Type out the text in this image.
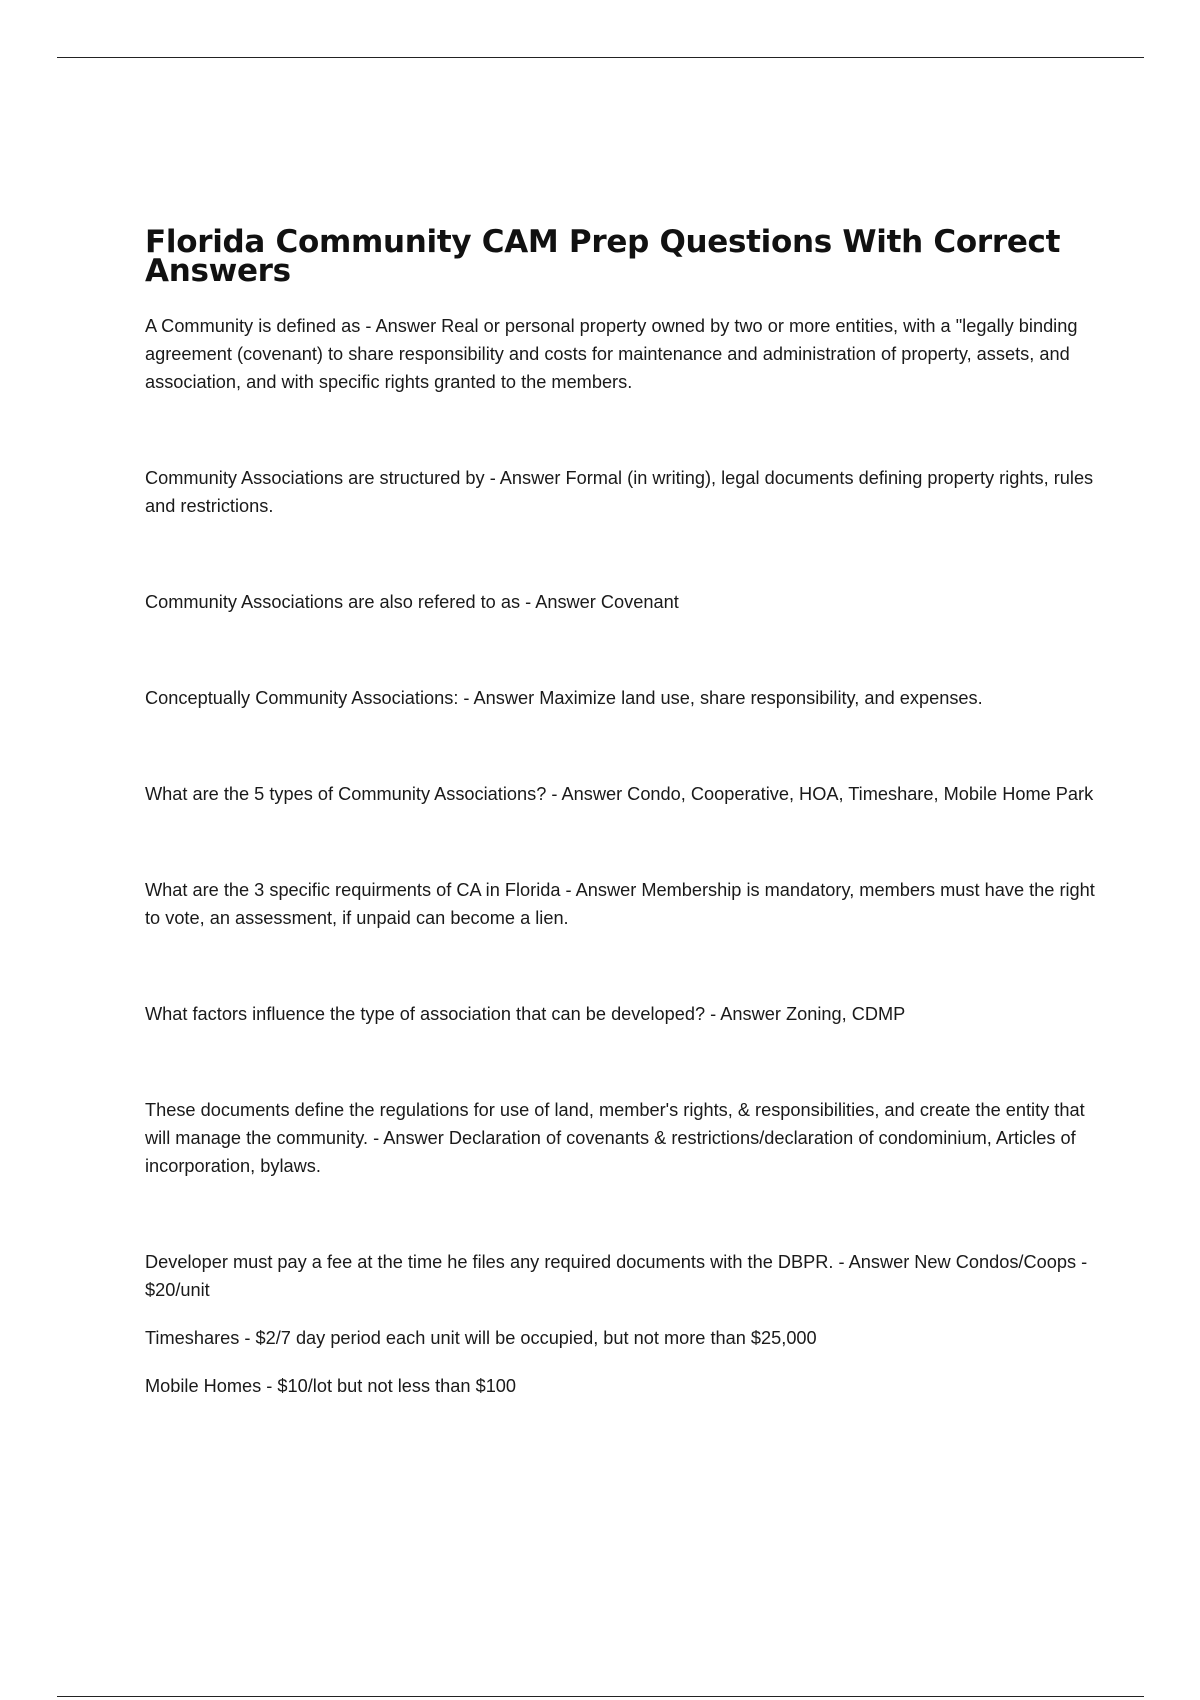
Florida Community CAM Prep Questions With Correct Answers

A Community is defined as - Answer Real or personal property owned by two or more entities, with a "legally binding agreement (covenant) to share responsibility and costs for maintenance and administration of property, assets, and association, and with specific rights granted to the members.

Community Associations are structured by - Answer Formal (in writing), legal documents defining property rights, rules and restrictions.

Community Associations are also refered to as - Answer Covenant

Conceptually Community Associations: - Answer Maximize land use, share responsibility, and expenses.

What are the 5 types of Community Associations? - Answer Condo, Cooperative, HOA, Timeshare, Mobile Home Park

What are the 3 specific requirments of CA in Florida - Answer Membership is mandatory, members must have the right to vote, an assessment, if unpaid can become a lien.

What factors influence the type of association that can be developed? - Answer Zoning, CDMP

These documents define the regulations for use of land, member's rights, & responsibilities, and create the entity that will manage the community. - Answer Declaration of covenants & restrictions/declaration of condominium, Articles of incorporation, bylaws.

Developer must pay a fee at the time he files any required documents with the DBPR. - Answer New Condos/Coops - $20/unit

Timeshares - $2/7 day period each unit will be occupied, but not more than $25,000

Mobile Homes - $10/lot but not less than $100
